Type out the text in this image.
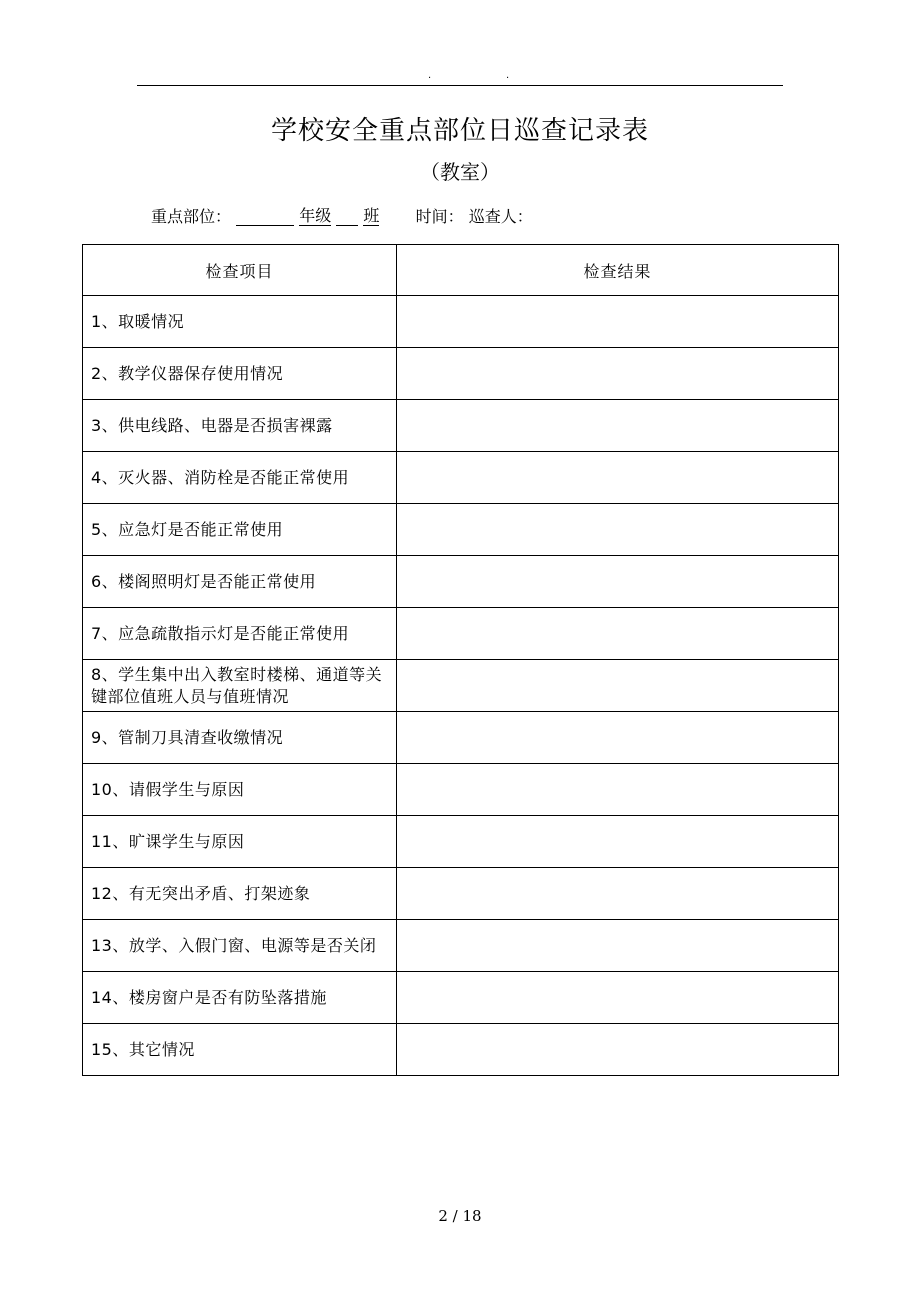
.	.
学校安全重点部位日巡查记录表
（教室）
重点部位：	年级 班 时间： 巡查人：
检查项目	检查结果
1、取暖情况	
2、教学仪器保存使用情况	
3、供电线路、电器是否损害裸露	
4、灭火器、消防栓是否能正常使用	
5、应急灯是否能正常使用	
6、楼阁照明灯是否能正常使用	
7、应急疏散指示灯是否能正常使用	
8、学生集中出入教室时楼梯、通道等关键部位值班人员与值班情况	
9、管制刀具清查收缴情况	
10、请假学生与原因	
11、旷课学生与原因	
12、有无突出矛盾、打架迹象	
13、放学、入假门窗、电源等是否关闭	
14、楼房窗户是否有防坠落措施	
15、其它情况	
2 / 18
